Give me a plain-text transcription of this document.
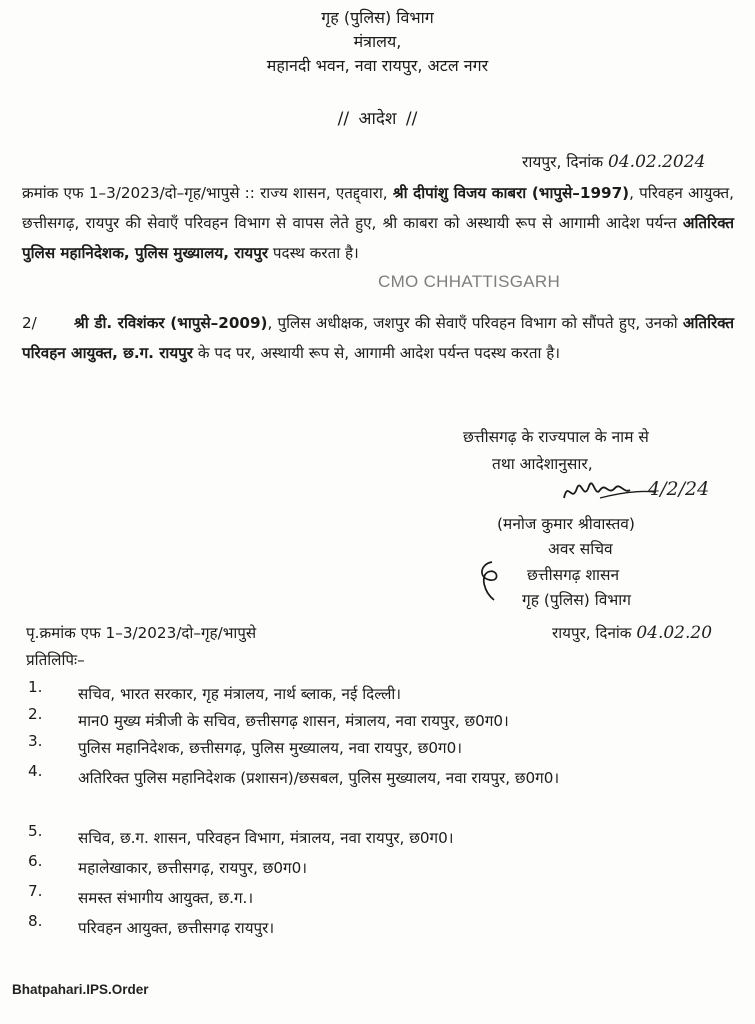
गृह (पुलिस) विभाग
मंत्रालय,
महानदी भवन, नवा रायपुर, अटल नगर
// आदेश //
रायपुर, दिनांक 04.02.2024
क्रमांक एफ 1–3/2023/दो–गृह/भापुसे :: राज्य शासन, एतद्द्वारा, श्री दीपांशु विजय काबरा (भापुसे–1997), परिवहन आयुक्त, छत्तीसगढ़, रायपुर की सेवाएँ परिवहन विभाग से वापस लेते हुए, श्री काबरा को अस्थायी रूप से आगामी आदेश पर्यन्त अतिरिक्त पुलिस महानिदेशक, पुलिस मुख्यालय, रायपुर पदस्थ करता है।
CMO CHHATTISGARH
2/ श्री डी. रविशंकर (भापुसे–2009), पुलिस अधीक्षक, जशपुर की सेवाएँ परिवहन विभाग को सौंपते हुए, उनको अतिरिक्त परिवहन आयुक्त, छ.ग. रायपुर के पद पर, अस्थायी रूप से, आगामी आदेश पर्यन्त पदस्थ करता है।
छत्तीसगढ़ के राज्यपाल के नाम से
तथा आदेशानुसार,
4/2/24
(मनोज कुमार श्रीवास्तव)
अवर सचिव
छत्तीसगढ़ शासन
गृह (पुलिस) विभाग
पृ.क्रमांक एफ 1–3/2023/दो–गृह/भापुसे	रायपुर, दिनांक 04.02.20
प्रतिलिपिः–
1. सचिव, भारत सरकार, गृह मंत्रालय, नार्थ ब्लाक, नई दिल्ली।
2. मान0 मुख्य मंत्रीजी के सचिव, छत्तीसगढ़ शासन, मंत्रालय, नवा रायपुर, छ0ग0।
3. पुलिस महानिदेशक, छत्तीसगढ़, पुलिस मुख्यालय, नवा रायपुर, छ0ग0।
4. अतिरिक्त पुलिस महानिदेशक (प्रशासन)/छसबल, पुलिस मुख्यालय, नवा रायपुर, छ0ग0।
5. सचिव, छ.ग. शासन, परिवहन विभाग, मंत्रालय, नवा रायपुर, छ0ग0।
6. महालेखाकार, छत्तीसगढ़, रायपुर, छ0ग0।
7. समस्त संभागीय आयुक्त, छ.ग.।
8. परिवहन आयुक्त, छत्तीसगढ़ रायपुर।
Bhatpahari.IPS.Order
